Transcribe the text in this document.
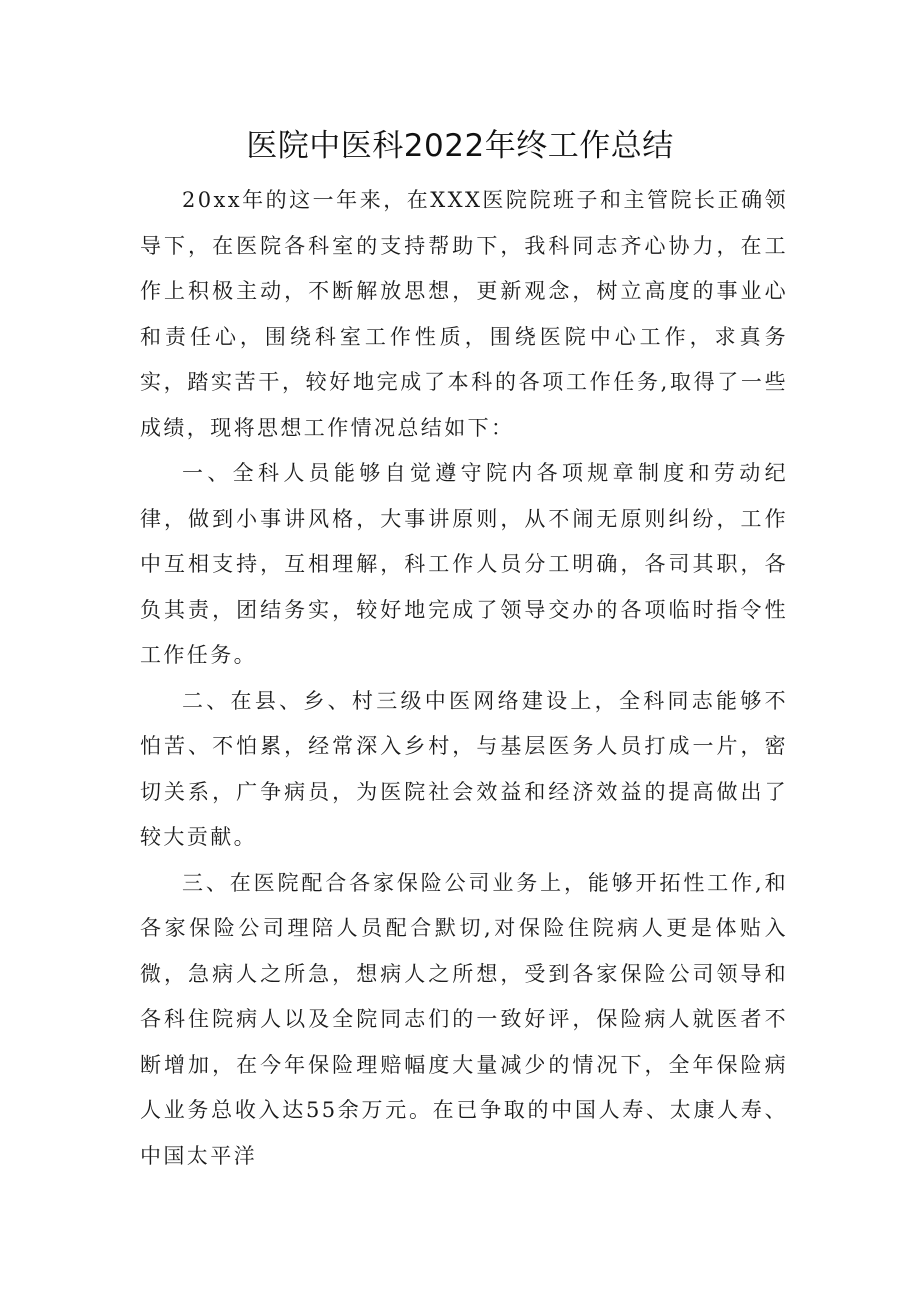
医院中医科2022年终工作总结

20xx年的这一年来，在XXX医院院班子和主管院长正确领导下，在医院各科室的支持帮助下，我科同志齐心协力，在工作上积极主动，不断解放思想，更新观念，树立高度的事业心和责任心，围绕科室工作性质，围绕医院中心工作，求真务实，踏实苦干，较好地完成了本科的各项工作任务,取得了一些成绩，现将思想工作情况总结如下：

一、全科人员能够自觉遵守院内各项规章制度和劳动纪律，做到小事讲风格，大事讲原则，从不闹无原则纠纷，工作中互相支持，互相理解，科工作人员分工明确，各司其职，各负其责，团结务实，较好地完成了领导交办的各项临时指令性工作任务。

二、在县、乡、村三级中医网络建设上，全科同志能够不怕苦、不怕累，经常深入乡村，与基层医务人员打成一片，密切关系，广争病员，为医院社会效益和经济效益的提高做出了较大贡献。

三、在医院配合各家保险公司业务上，能够开拓性工作,和各家保险公司理陪人员配合默切,对保险住院病人更是体贴入微，急病人之所急，想病人之所想，受到各家保险公司领导和各科住院病人以及全院同志们的一致好评，保险病人就医者不断增加，在今年保险理赔幅度大量减少的情况下，全年保险病人业务总收入达55余万元。在已争取的中国人寿、太康人寿、中国太平洋
